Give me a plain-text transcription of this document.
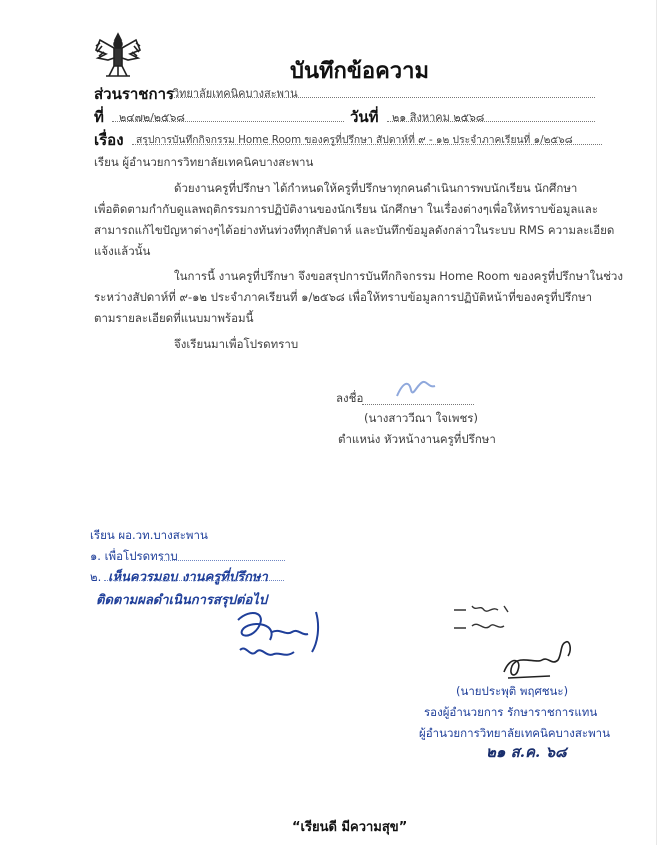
บันทึกข้อความ
ส่วนราชการ
วิทยาลัยเทคนิคบางสะพาน
ที่ ๒๔๗๒/๒๕๖๘	วันที่ ๒๑ สิงหาคม ๒๕๖๘
เรื่อง สรุปการบันทึกกิจกรรม Home Room ของครูที่ปรึกษา สัปดาห์ที่ ๙ - ๑๒ ประจำภาคเรียนที่ ๑/๒๕๖๘
เรียน ผู้อำนวยการวิทยาลัยเทคนิคบางสะพาน
ด้วยงานครูที่ปรึกษา ได้กำหนดให้ครูที่ปรึกษาทุกคนดำเนินการพบนักเรียน นักศึกษา
เพื่อติดตามกำกับดูแลพฤติกรรมการปฏิบัติงานของนักเรียน นักศึกษา ในเรื่องต่างๆเพื่อให้ทราบข้อมูลและ
สามารถแก้ไขปัญหาต่างๆได้อย่างทันท่วงทีทุกสัปดาห์ และบันทึกข้อมูลดังกล่าวในระบบ RMS ความละเอียด
แจ้งแล้วนั้น
ในการนี้ งานครูที่ปรึกษา จึงขอสรุปการบันทึกกิจกรรม Home Room ของครูที่ปรึกษาในช่วง
ระหว่างสัปดาห์ที่ ๙-๑๒ ประจำภาคเรียนที่ ๑/๒๕๖๘ เพื่อให้ทราบข้อมูลการปฏิบัติหน้าที่ของครูที่ปรึกษา
ตามรายละเอียดที่แนบมาพร้อมนี้
จึงเรียนมาเพื่อโปรดทราบ
ลงชื่อ
(นางสาววีณา ใจเพชร)
ตำแหน่ง หัวหน้างานครูที่ปรึกษา
เรียน ผอ.วท.บางสะพาน
๑. เพื่อโปรดทราบ
๒. เห็นควรมอบ งานครูที่ปรึกษา
ติดตามผลดำเนินการสรุปต่อไป
(นายประพุติ พฤศชนะ)
รองผู้อำนวยการ รักษาราชการแทน
ผู้อำนวยการวิทยาลัยเทคนิคบางสะพาน
๒๑ ส.ค. ๖๘
“เรียนดี มีความสุข”
